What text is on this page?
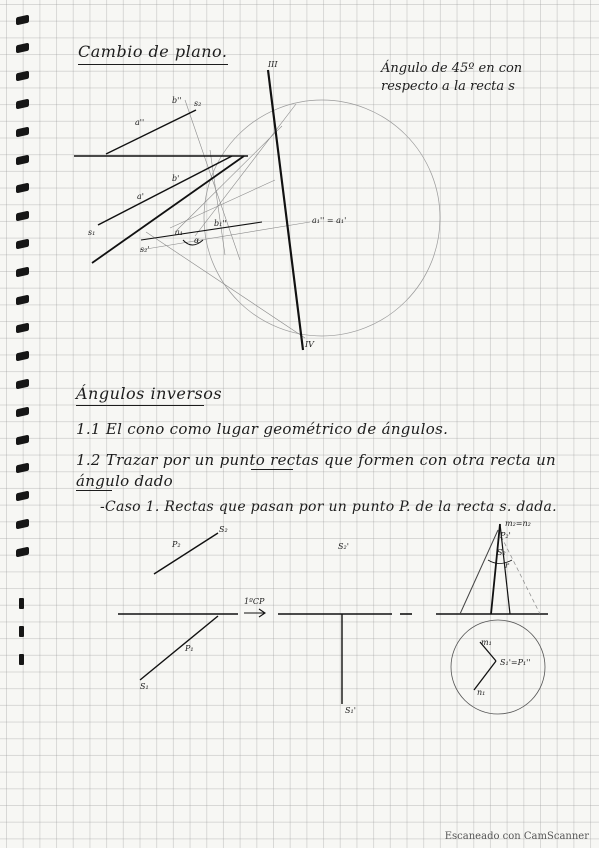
Cambio de plano.
Ángulo de 45º en con
respecto a la recta s
a''
b'' s₂
a'
b'
s₁
b₁''
s₂'
α
a₁
a₁'' = a₁'
III
IV
Ángulos inversos
1.1 El cono como lugar geométrico de ángulos.
1.2 Trazar por un punto rectas que formen con otra recta un
ángulo dado
-Caso 1. Rectas que pasan por un punto P. de la recta s. dada.
P₂
S₂
P₁
S₁
S₂'
1ºCP
S₁'
m₂=n₂
P₂'
S₂
r
m₁
n₁
S₁'=P₁''
Escaneado con CamScanner
